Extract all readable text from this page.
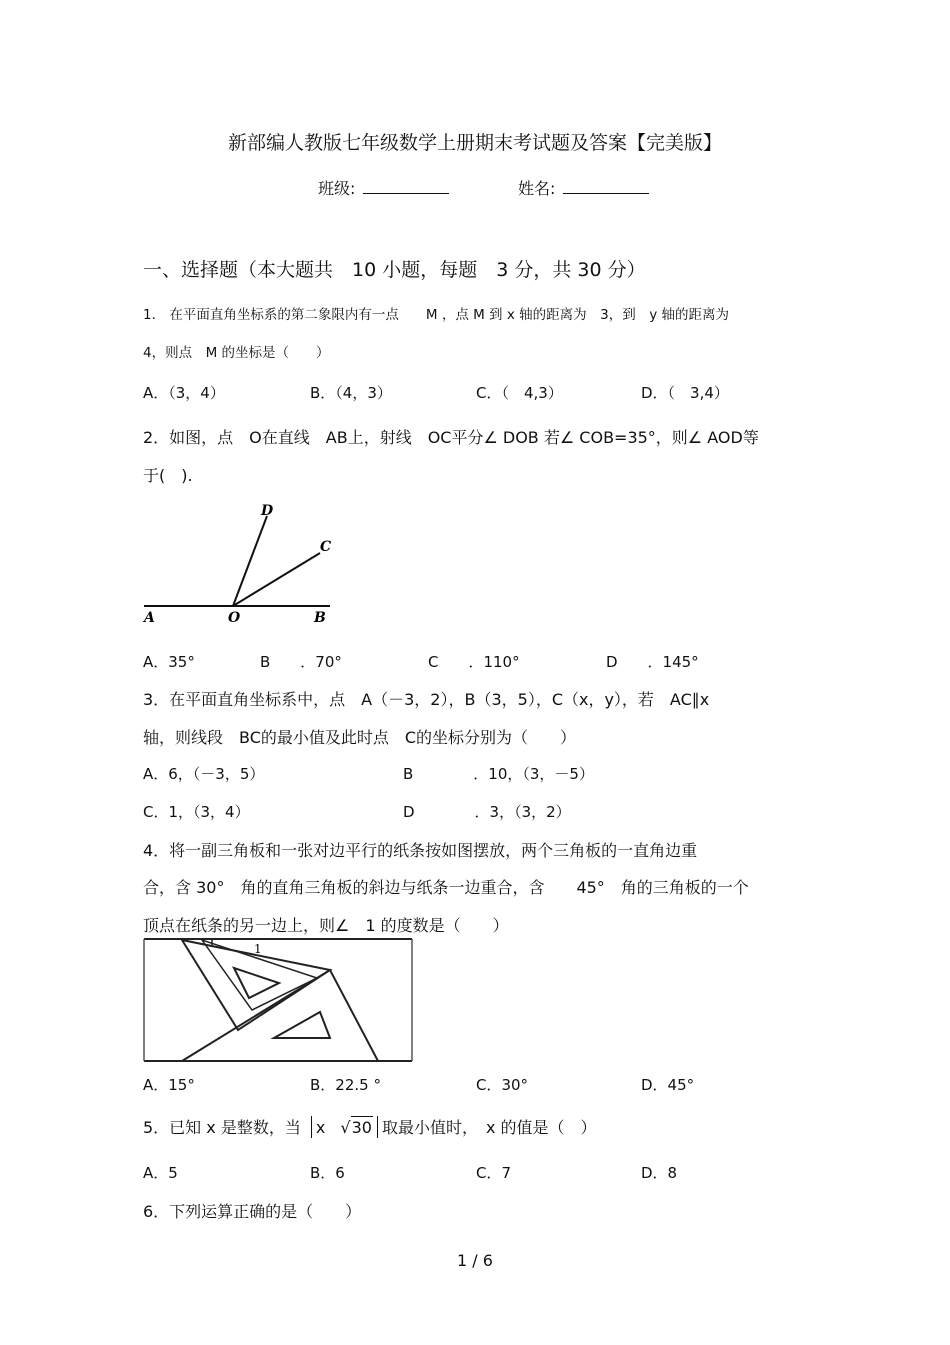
新部编人教版七年级数学上册期末考试题及答案【完美版】
班级:	姓名:
一、选择题（本大题共　10 小题，每题　3 分，共 30 分）
1． 在平面直角坐标系的第二象限内有一点　　M ，点 M 到 x 轴的距离为　3，到　y 轴的距离为
4，则点　M 的坐标是（　　）
A．（3，4）	B．（4，3）	C．（　4,3）	D．（　3,4）
2．如图，点　O在直线　AB上，射线　OC平分∠ DOB 若∠ COB=35°，则∠ AOD等
于(　).
D
C
A	O	B
A．35°	B　　．70°	C　　．110°	D　　．145°
3．在平面直角坐标系中，点　A（－3，2），B（3，5），C（x，y），若　AC∥x
轴，则线段　BC的最小值及此时点　C的坐标分别为（　　）
A．6，（－3，5）	B　　　　．10，（3，－5）
C．1，（3，4）	D　　　　．3，（3，2）
4．将一副三角板和一张对边平行的纸条按如图摆放，两个三角板的一直角边重
合，含 30°　角的直角三角板的斜边与纸条一边重合，含　　45°　角的三角板的一个
顶点在纸条的另一边上，则∠　1 的度数是（　　）
1
A．15°	B．22.5 °	C．30°	D．45°
5．已知 x 是整数，当 x √30 取最小值时，　x 的值是（　）
A．5	B．6	C．7	D．8
6．下列运算正确的是（　　）
1 / 6
